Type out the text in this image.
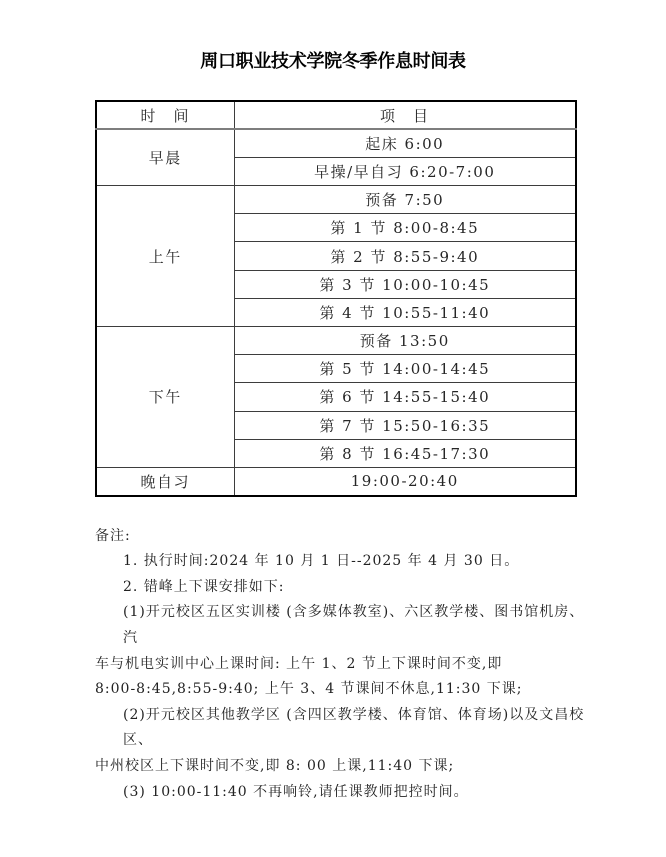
周口职业技术学院冬季作息时间表
时　间	项　目
早晨	起床 6:00
	早操/早自习 6:20-7:00
上午	预备 7:50
	第 1 节 8:00-8:45
	第 2 节 8:55-9:40
	第 3 节 10:00-10:45
	第 4 节 10:55-11:40
下午	预备 13:50
	第 5 节 14:00-14:45
	第 6 节 14:55-15:40
	第 7 节 15:50-16:35
	第 8 节 16:45-17:30
晚自习	19:00-20:40
备注:
1. 执行时间:2024 年 10 月 1 日--2025 年 4 月 30 日。
2. 错峰上下课安排如下:
(1)开元校区五区实训楼 (含多媒体教室)、六区教学楼、图书馆机房、汽
车与机电实训中心上课时间: 上午 1、2 节上下课时间不变,即
8:00-8:45,8:55-9:40; 上午 3、4 节课间不休息,11:30 下课;
(2)开元校区其他教学区 (含四区教学楼、体育馆、体育场)以及文昌校区、
中州校区上下课时间不变,即 8: 00 上课,11:40 下课;
(3) 10:00-11:40 不再响铃,请任课教师把控时间。
